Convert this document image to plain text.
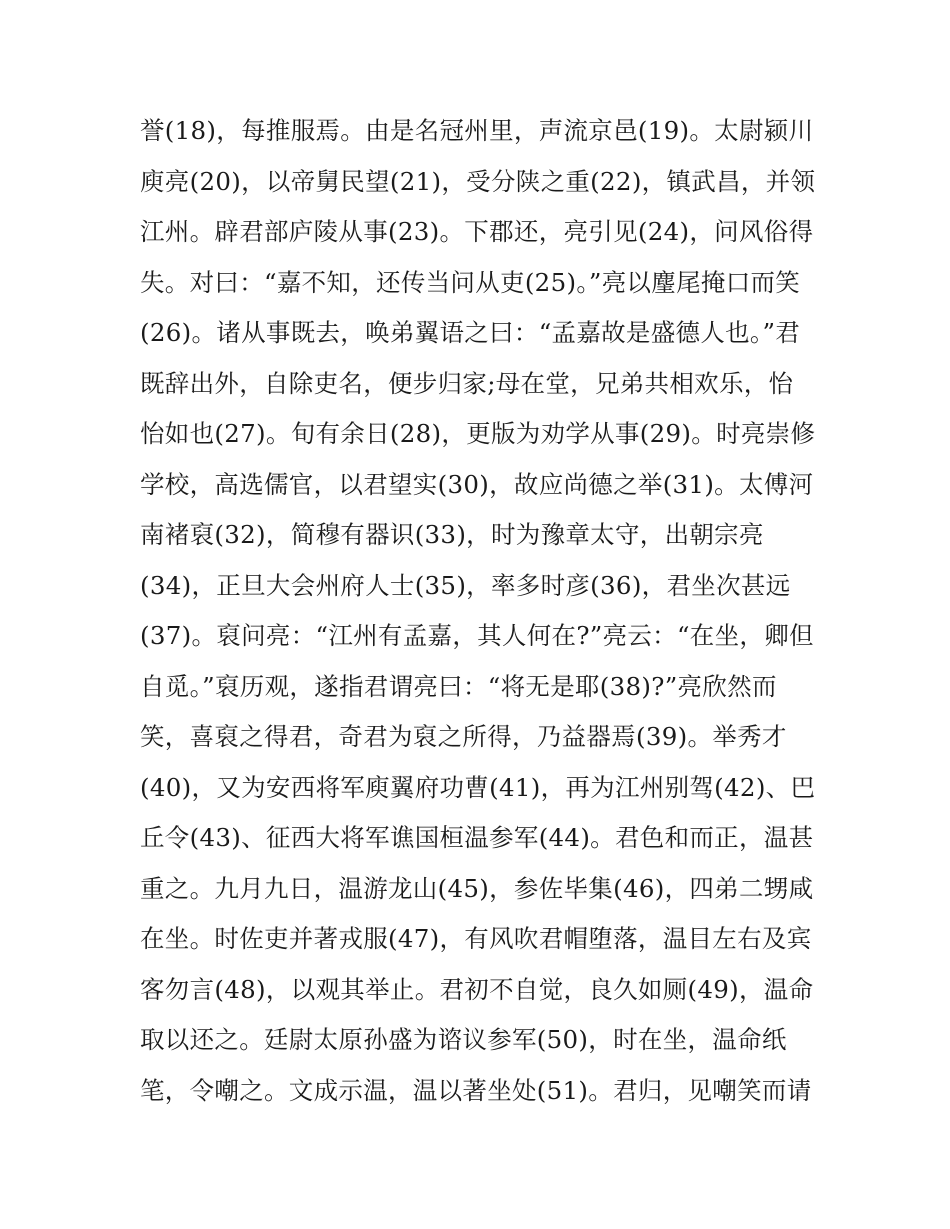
誉(18)，每推服焉。由是名冠州里，声流京邑(19)。太尉颍川
庾亮(20)，以帝舅民望(21)，受分陕之重(22)，镇武昌，并领
江州。辟君部庐陵从事(23)。下郡还，亮引见(24)，问风俗得
失。对曰：“嘉不知，还传当问从吏(25)。”亮以麈尾掩口而笑
(26)。诸从事既去，唤弟翼语之曰：“孟嘉故是盛德人也。”君
既辞出外，自除吏名，便步归家;母在堂，兄弟共相欢乐，怡
怡如也(27)。旬有余日(28)，更版为劝学从事(29)。时亮崇修
学校，高选儒官，以君望实(30)，故应尚德之举(31)。太傅河
南褚裒(32)，简穆有器识(33)，时为豫章太守，出朝宗亮
(34)，正旦大会州府人士(35)，率多时彦(36)，君坐次甚远
(37)。裒问亮：“江州有孟嘉，其人何在?”亮云：“在坐，卿但
自觅。”裒历观，遂指君谓亮曰：“将无是耶(38)?”亮欣然而
笑，喜裒之得君，奇君为裒之所得，乃益器焉(39)。举秀才
(40)，又为安西将军庾翼府功曹(41)，再为江州别驾(42)、巴
丘令(43)、征西大将军谯国桓温参军(44)。君色和而正，温甚
重之。九月九日，温游龙山(45)，参佐毕集(46)，四弟二甥咸
在坐。时佐吏并著戎服(47)，有风吹君帽堕落，温目左右及宾
客勿言(48)，以观其举止。君初不自觉，良久如厕(49)，温命
取以还之。廷尉太原孙盛为谘议参军(50)，时在坐，温命纸
笔，令嘲之。文成示温，温以著坐处(51)。君归，见嘲笑而请
